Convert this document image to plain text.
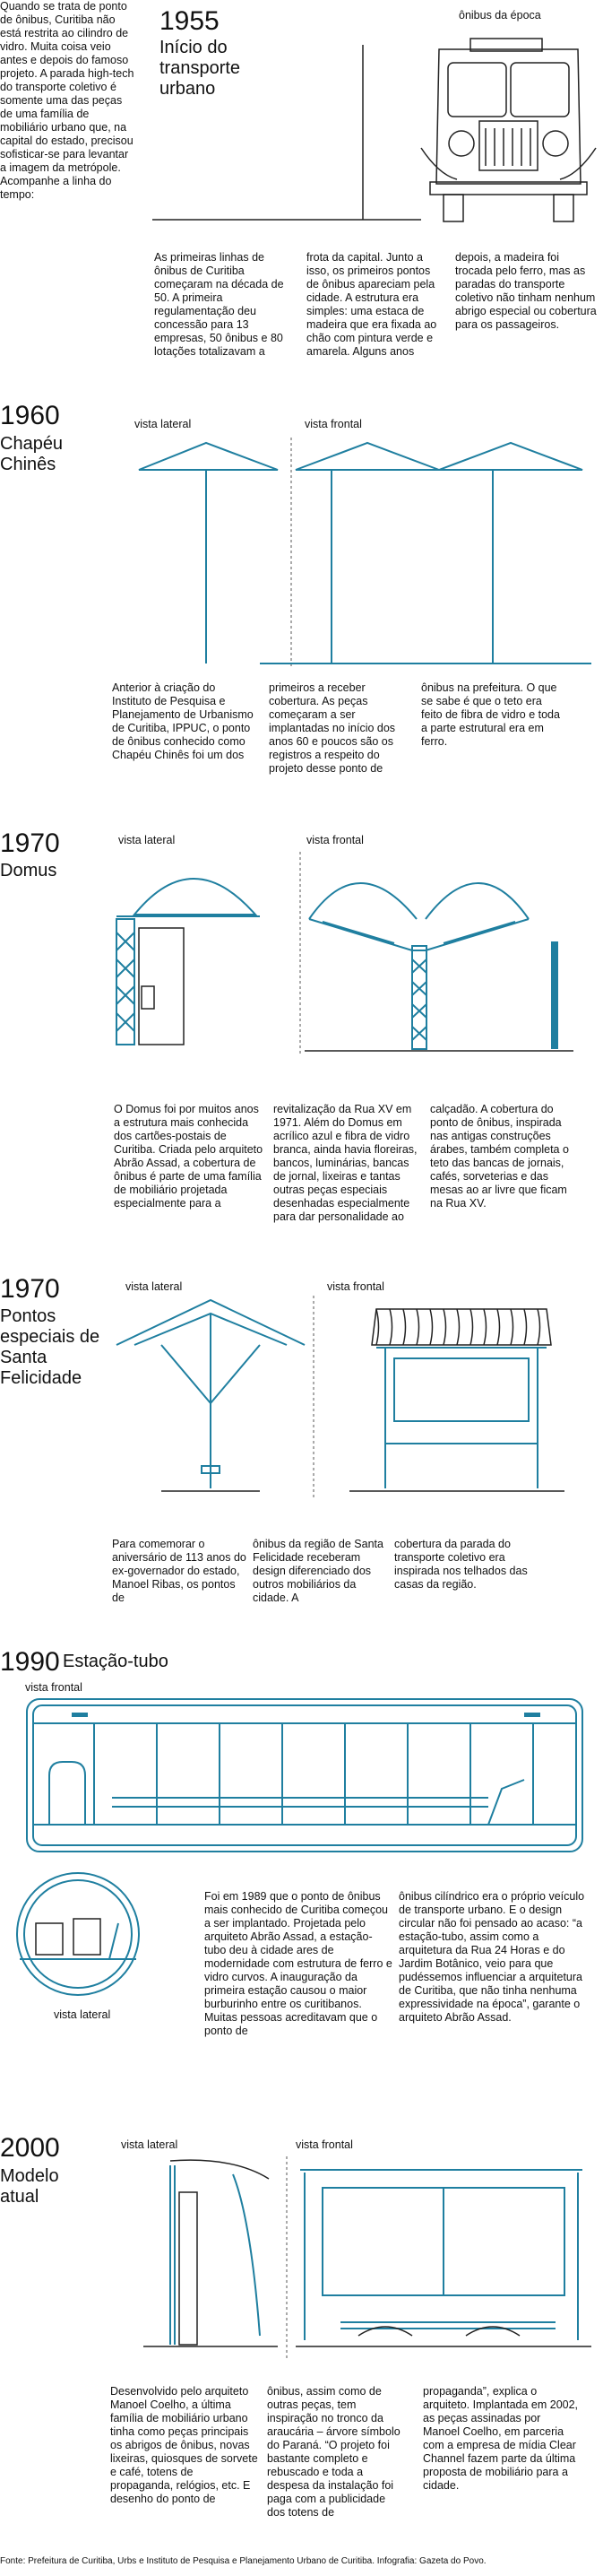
Quando se trata de ponto de ônibus, Curitiba não está restrita ao cilindro de vidro. Muita coisa veio antes e depois do famoso projeto. A parada high-tech do transporte coletivo é somente uma das peças de uma família de mobiliário urbano que, na capital do estado, precisou sofisticar-se para levantar a imagem da metrópole. Acompanhe a linha do tempo:
1955
Início do transporte urbano
ônibus da época
As primeiras linhas de ônibus de Curitiba começaram na década de 50. A primeira regulamentação deu concessão para 13 empresas, 50 ônibus e 80 lotações totalizavam a
frota da capital. Junto a isso, os primeiros pontos de ônibus apareciam pela cidade. A estrutura era simples: uma estaca de madeira que era fixada ao chão com pintura verde e amarela. Alguns anos
depois, a madeira foi trocada pelo ferro, mas as paradas do transporte coletivo não tinham nenhum abrigo especial ou cobertura para os passageiros.
1960
Chapéu Chinês
vista lateral	vista frontal
Anterior à criação do Instituto de Pesquisa e Planejamento de Urbanismo de Curitiba, IPPUC, o ponto de ônibus conhecido como Chapéu Chinês foi um dos
primeiros a receber cobertura. As peças começaram a ser implantadas no início dos anos 60 e poucos são os registros a respeito do projeto desse ponto de
ônibus na prefeitura. O que se sabe é que o teto era feito de fibra de vidro e toda a parte estrutural era em ferro.
1970
Domus
vista lateral	vista frontal
O Domus foi por muitos anos a estrutura mais conhecida dos cartões-postais de Curitiba. Criada pelo arquiteto Abrão Assad, a cobertura de ônibus é parte de uma família de mobiliário projetada especialmente para a
revitalização da Rua XV em 1971. Além do Domus em acrílico azul e fibra de vidro branca, ainda havia floreiras, bancos, luminárias, bancas de jornal, lixeiras e tantas outras peças especiais desenhadas especialmente para dar personalidade ao
calçadão. A cobertura do ponto de ônibus, inspirada nas antigas construções árabes, também completa o teto das bancas de jornais, cafés, sorveterias e das mesas ao ar livre que ficam na Rua XV.
1970
Pontos especiais de Santa Felicidade
vista lateral	vista frontal
Para comemorar o aniversário de 113 anos do ex-governador do estado, Manoel Ribas, os pontos de
ônibus da região de Santa Felicidade receberam design diferenciado dos outros mobiliários da cidade. A
cobertura da parada do transporte coletivo era inspirada nos telhados das casas da região.
1990 Estação-tubo
vista frontal
vista lateral
Foi em 1989 que o ponto de ônibus mais conhecido de Curitiba começou a ser implantado. Projetada pelo arquiteto Abrão Assad, a estação-tubo deu à cidade ares de modernidade com estrutura de ferro e vidro curvos. A inauguração da primeira estação causou o maior burburinho entre os curitibanos. Muitas pessoas acreditavam que o ponto de
ônibus cilíndrico era o próprio veículo de transporte urbano. E o design circular não foi pensado ao acaso: “a estação-tubo, assim como a arquitetura da Rua 24 Horas e do Jardim Botânico, veio para que pudéssemos influenciar a arquitetura de Curitiba, que não tinha nenhuma expressividade na época”, garante o arquiteto Abrão Assad.
2000
Modelo atual
vista lateral	vista frontal
Desenvolvido pelo arquiteto Manoel Coelho, a última família de mobiliário urbano tinha como peças principais os abrigos de ônibus, novas lixeiras, quiosques de sorvete e café, totens de propaganda, relógios, etc. E desenho do ponto de
ônibus, assim como de outras peças, tem inspiração no tronco da araucária – árvore símbolo do Paraná. “O projeto foi bastante completo e rebuscado e toda a despesa da instalação foi paga com a publicidade dos totens de
propaganda”, explica o arquiteto. Implantada em 2002, as peças assinadas por Manoel Coelho, em parceria com a empresa de mídia Clear Channel fazem parte da última proposta de mobiliário para a cidade.
Fonte: Prefeitura de Curitiba, Urbs e Instituto de Pesquisa e Planejamento Urbano de Curitiba. Infografia: Gazeta do Povo.
